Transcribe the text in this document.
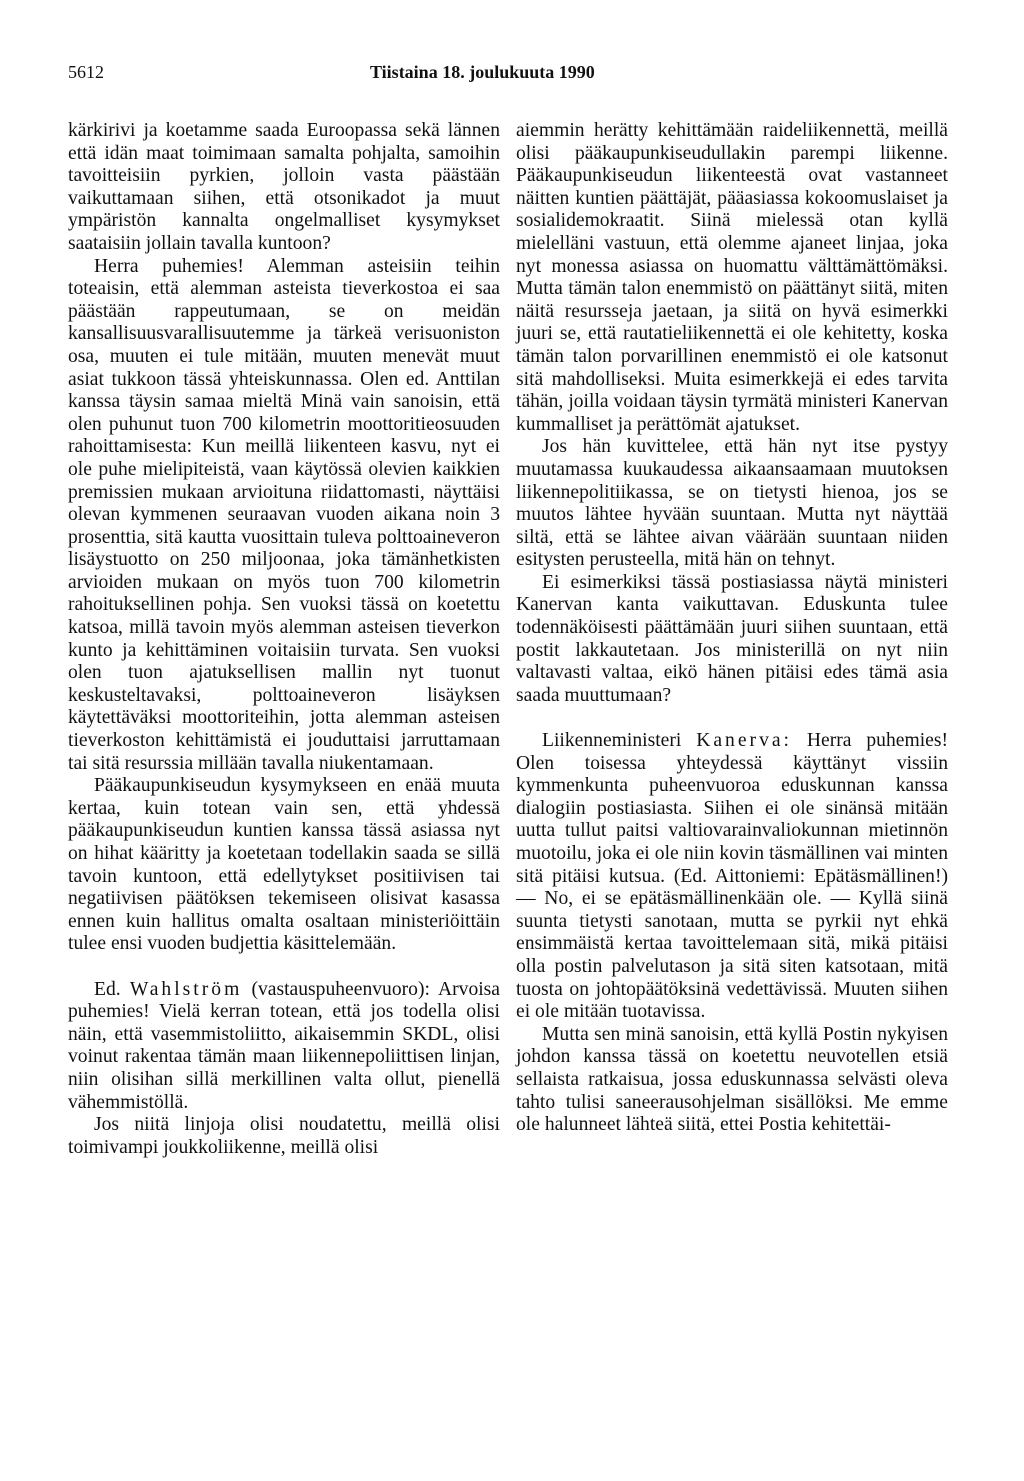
5612	Tiistaina 18. joulukuuta 1990

kärkirivi ja koetamme saada Euroopassa sekä lännen että idän maat toimimaan samalta pohjalta, samoihin tavoitteisiin pyrkien, jolloin vasta päästään vaikuttamaan siihen, että otsonikadot ja muut ympäristön kannalta ongelmalliset kysymykset saataisiin jollain tavalla kuntoon?

Herra puhemies! Alemman asteisiin teihin toteaisin, että alemman asteista tieverkostoa ei saa päästään rappeutumaan, se on meidän kansallisuusvarallisuutemme ja tärkeä verisuoniston osa, muuten ei tule mitään, muuten menevät muut asiat tukkoon tässä yhteiskunnassa. Olen ed. Anttilan kanssa täysin samaa mieltä Minä vain sanoisin, että olen puhunut tuon 700 kilometrin moottoritieosuuden rahoittamisesta: Kun meillä liikenteen kasvu, nyt ei ole puhe mielipiteistä, vaan käytössä olevien kaikkien premissien mukaan arvioituna riidattomasti, näyttäisi olevan kymmenen seuraavan vuoden aikana noin 3 prosenttia, sitä kautta vuosittain tuleva polttoaineveron lisäystuotto on 250 miljoonaa, joka tämänhetkisten arvioiden mukaan on myös tuon 700 kilometrin rahoituksellinen pohja. Sen vuoksi tässä on koetettu katsoa, millä tavoin myös alemman asteisen tieverkon kunto ja kehittäminen voitaisiin turvata. Sen vuoksi olen tuon ajatuksellisen mallin nyt tuonut keskusteltavaksi, polttoaineveron lisäyksen käytettäväksi moottoriteihin, jotta alemman asteisen tieverkoston kehittämistä ei jouduttaisi jarruttamaan tai sitä resurssia millään tavalla niukentamaan.

Pääkaupunkiseudun kysymykseen en enää muuta kertaa, kuin totean vain sen, että yhdessä pääkaupunkiseudun kuntien kanssa tässä asiassa nyt on hihat kääritty ja koetetaan todellakin saada se sillä tavoin kuntoon, että edellytykset positiivisen tai negatiivisen päätöksen tekemiseen olisivat kasassa ennen kuin hallitus omalta osaltaan ministeriöittäin tulee ensi vuoden budjettia käsittelemään.

Ed. Wahlström (vastauspuheenvuoro): Arvoisa puhemies! Vielä kerran totean, että jos todella olisi näin, että vasemmistoliitto, aikaisemmin SKDL, olisi voinut rakentaa tämän maan liikennepoliittisen linjan, niin olisihan sillä merkillinen valta ollut, pienellä vähemmistöllä.

Jos niitä linjoja olisi noudatettu, meillä olisi toimivampi joukkoliikenne, meillä olisi

aiemmin herätty kehittämään raideliikennettä, meillä olisi pääkaupunkiseudullakin parempi liikenne. Pääkaupunkiseudun liikenteestä ovat vastanneet näitten kuntien päättäjät, pääasiassa kokoomuslaiset ja sosialidemokraatit. Siinä mielessä otan kyllä mielelläni vastuun, että olemme ajaneet linjaa, joka nyt monessa asiassa on huomattu välttämättömäksi. Mutta tämän talon enemmistö on päättänyt siitä, miten näitä resursseja jaetaan, ja siitä on hyvä esimerkki juuri se, että rautatieliikennettä ei ole kehitetty, koska tämän talon porvarillinen enemmistö ei ole katsonut sitä mahdolliseksi. Muita esimerkkejä ei edes tarvita tähän, joilla voidaan täysin tyrmätä ministeri Kanervan kummalliset ja perättömät ajatukset.

Jos hän kuvittelee, että hän nyt itse pystyy muutamassa kuukaudessa aikaansaamaan muutoksen liikennepolitiikassa, se on tietysti hienoa, jos se muutos lähtee hyvään suuntaan. Mutta nyt näyttää siltä, että se lähtee aivan väärään suuntaan niiden esitysten perusteella, mitä hän on tehnyt.

Ei esimerkiksi tässä postiasiassa näytä ministeri Kanervan kanta vaikuttavan. Eduskunta tulee todennäköisesti päättämään juuri siihen suuntaan, että postit lakkautetaan. Jos ministerillä on nyt niin valtavasti valtaa, eikö hänen pitäisi edes tämä asia saada muuttumaan?

Liikenneministeri Kanerva: Herra puhemies! Olen toisessa yhteydessä käyttänyt vissiin kymmenkunta puheenvuoroa eduskunnan kanssa dialogiin postiasiasta. Siihen ei ole sinänsä mitään uutta tullut paitsi valtiovarainvaliokunnan mietinnön muotoilu, joka ei ole niin kovin täsmällinen vai minten sitä pitäisi kutsua. (Ed. Aittoniemi: Epätäsmällinen!) — No, ei se epätäsmällinenkään ole. — Kyllä siinä suunta tietysti sanotaan, mutta se pyrkii nyt ehkä ensimmäistä kertaa tavoittelemaan sitä, mikä pitäisi olla postin palvelutason ja sitä siten katsotaan, mitä tuosta on johtopäätöksinä vedettävissä. Muuten siihen ei ole mitään tuotavissa.

Mutta sen minä sanoisin, että kyllä Postin nykyisen johdon kanssa tässä on koetettu neuvotellen etsiä sellaista ratkaisua, jossa eduskunnassa selvästi oleva tahto tulisi saneerausohjelman sisällöksi. Me emme ole halunneet lähteä siitä, ettei Postia kehitettäi-
